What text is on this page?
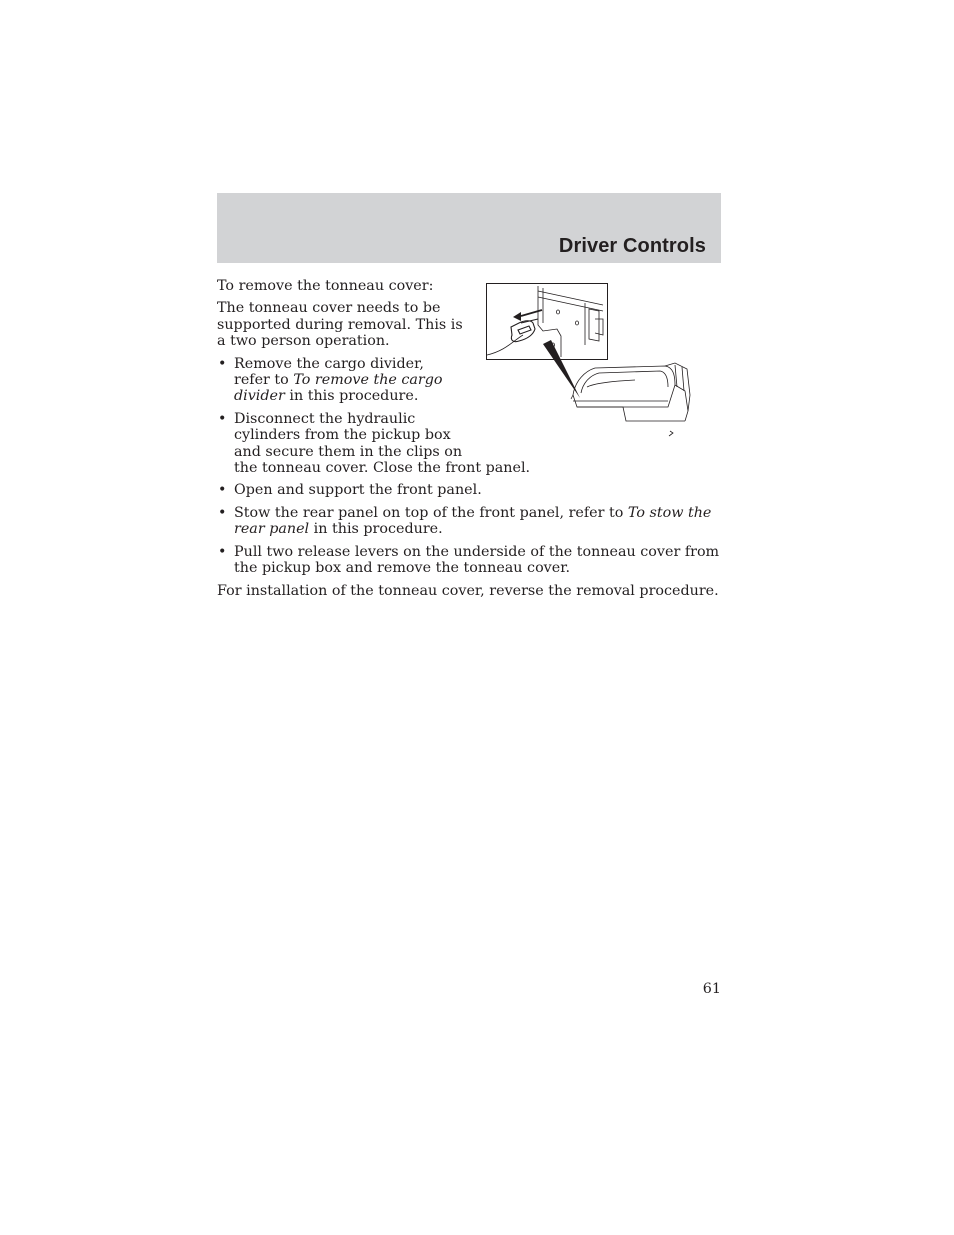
Driver Controls

To remove the tonneau cover:

The tonneau cover needs to be supported during removal. This is a two person operation.

• Remove the cargo divider, refer to To remove the cargo divider in this procedure.
• Disconnect the hydraulic cylinders from the pickup box and secure them in the clips on
the tonneau cover. Close the front panel.
• Open and support the front panel.
• Stow the rear panel on top of the front panel, refer to To stow the rear panel in this procedure.
• Pull two release levers on the underside of the tonneau cover from the pickup box and remove the tonneau cover.

For installation of the tonneau cover, reverse the removal procedure.

61
